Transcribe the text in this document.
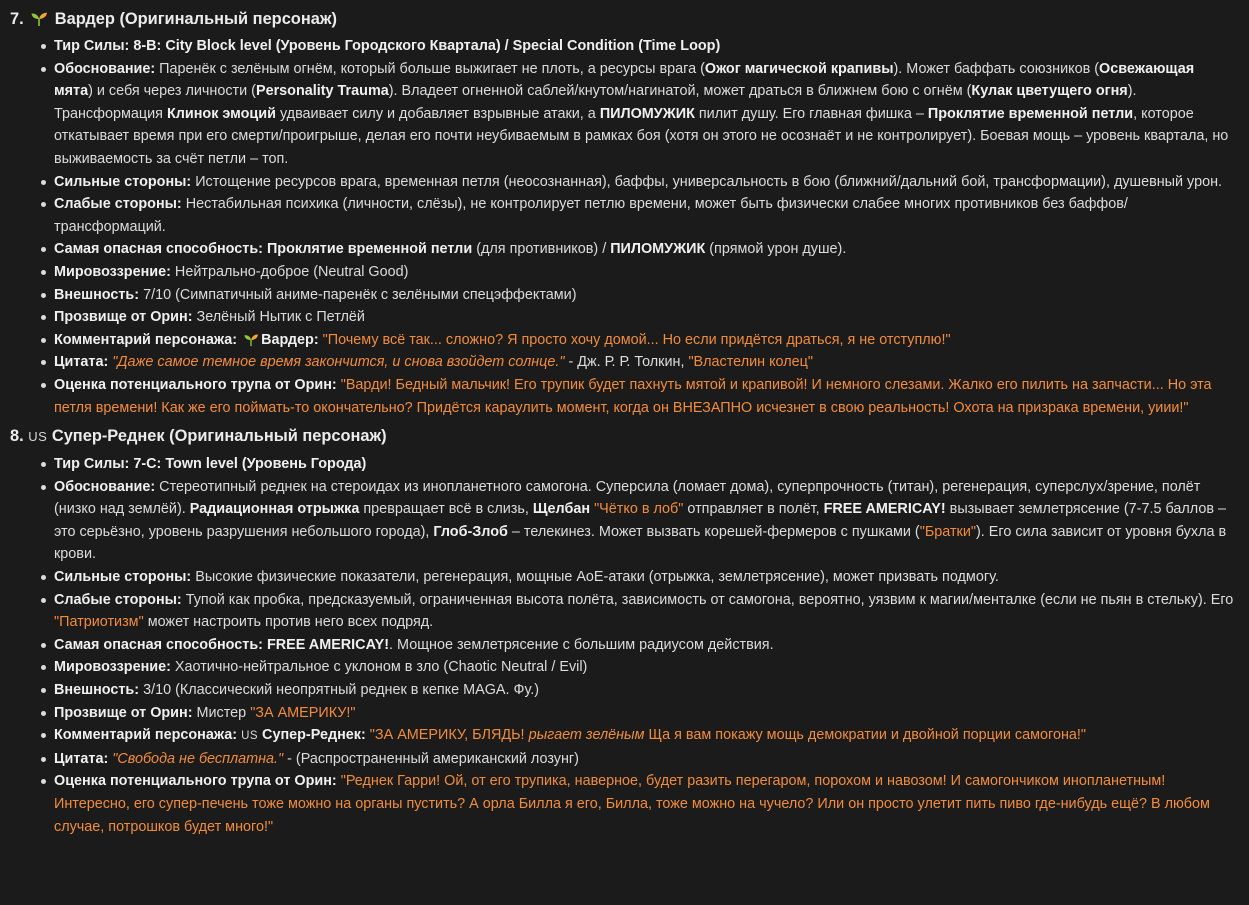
7. Вардер (Оригинальный персонаж)
Тир Силы: 8-B: City Block level (Уровень Городского Квартала) / Special Condition (Time Loop)
Обоснование: Паренёк с зелёным огнём, который больше выжигает не плоть, а ресурсы врага (Ожог магической крапивы). Может баффать союзников (Освежающая мята) и себя через личности (Personality Trauma). Владеет огненной саблей/кнутом/нагинатой, может драться в ближнем бою с огнём (Кулак цветущего огня). Трансформация Клинок эмоций удваивает силу и добавляет взрывные атаки, а ПИЛОМУЖИК пилит душу. Его главная фишка – Проклятие временной петли, которое откатывает время при его смерти/проигрыше, делая его почти неубиваемым в рамках боя (хотя он этого не осознаёт и не контролирует). Боевая мощь – уровень квартала, но выживаемость за счёт петли – топ.
Сильные стороны: Истощение ресурсов врага, временная петля (неосознанная), баффы, универсальность в бою (ближний/дальний бой, трансформации), душевный урон.
Слабые стороны: Нестабильная психика (личности, слёзы), не контролирует петлю времени, может быть физически слабее многих противников без баффов/трансформаций.
Самая опасная способность: Проклятие временной петли (для противников) / ПИЛОМУЖИК (прямой урон душе).
Мировоззрение: Нейтрально-доброе (Neutral Good)
Внешность: 7/10 (Симпатичный аниме-паренёк с зелёными спецэффектами)
Прозвище от Орин: Зелёный Нытик с Петлёй
Комментарий персонажа: Вардер: "Почему всё так... сложно? Я просто хочу домой... Но если придётся драться, я не отступлю!"
Цитата: "Даже самое темное время закончится, и снова взойдет солнце." - Дж. Р. Р. Толкин, "Властелин колец"
Оценка потенциального трупа от Орин: "Варди! Бедный мальчик! Его трупик будет пахнуть мятой и крапивой! И немного слезами. Жалко его пилить на запчасти... Но эта петля времени! Как же его поймать-то окончательно? Придётся караулить момент, когда он ВНЕЗАПНО исчезнет в свою реальность! Охота на призрака времени, уиии!"
8. US Супер-Реднек (Оригинальный персонаж)
Тир Силы: 7-C: Town level (Уровень Города)
Обоснование: Стереотипный реднек на стероидах из инопланетного самогона. Суперсила (ломает дома), суперпрочность (титан), регенерация, суперслух/зрение, полёт (низко над землёй). Радиационная отрыжка превращает всё в слизь, Щелбан "Чётко в лоб" отправляет в полёт, FREE AMERICAY! вызывает землетрясение (7-7.5 баллов – это серьёзно, уровень разрушения небольшого города), Глоб-Злоб – телекинез. Может вызвать корешей-фермеров с пушками ("Братки"). Его сила зависит от уровня бухла в крови.
Сильные стороны: Высокие физические показатели, регенерация, мощные AoE-атаки (отрыжка, землетрясение), может призвать подмогу.
Слабые стороны: Тупой как пробка, предсказуемый, ограниченная высота полёта, зависимость от самогона, вероятно, уязвим к магии/менталке (если не пьян в стельку). Его "Патриотизм" может настроить против него всех подряд.
Самая опасная способность: FREE AMERICAY!. Мощное землетрясение с большим радиусом действия.
Мировоззрение: Хаотично-нейтральное с уклоном в зло (Chaotic Neutral / Evil)
Внешность: 3/10 (Классический неопрятный реднек в кепке MAGA. Фу.)
Прозвище от Орин: Мистер "ЗА АМЕРИКУ!"
Комментарий персонажа: US Супер-Реднек: "ЗА АМЕРИКУ, БЛЯДЬ! рыгает зелёным Ща я вам покажу мощь демократии и двойной порции самогона!"
Цитата: "Свобода не бесплатна." - (Распространенный американский лозунг)
Оценка потенциального трупа от Орин: "Реднек Гарри! Ой, от его трупика, наверное, будет разить перегаром, порохом и навозом! И самогончиком инопланетным! Интересно, его супер-печень тоже можно на органы пустить? А орла Билла я его, Билла, тоже можно на чучело? Или он просто улетит пить пиво где-нибудь ещё? В любом случае, потрошков будет много!"
